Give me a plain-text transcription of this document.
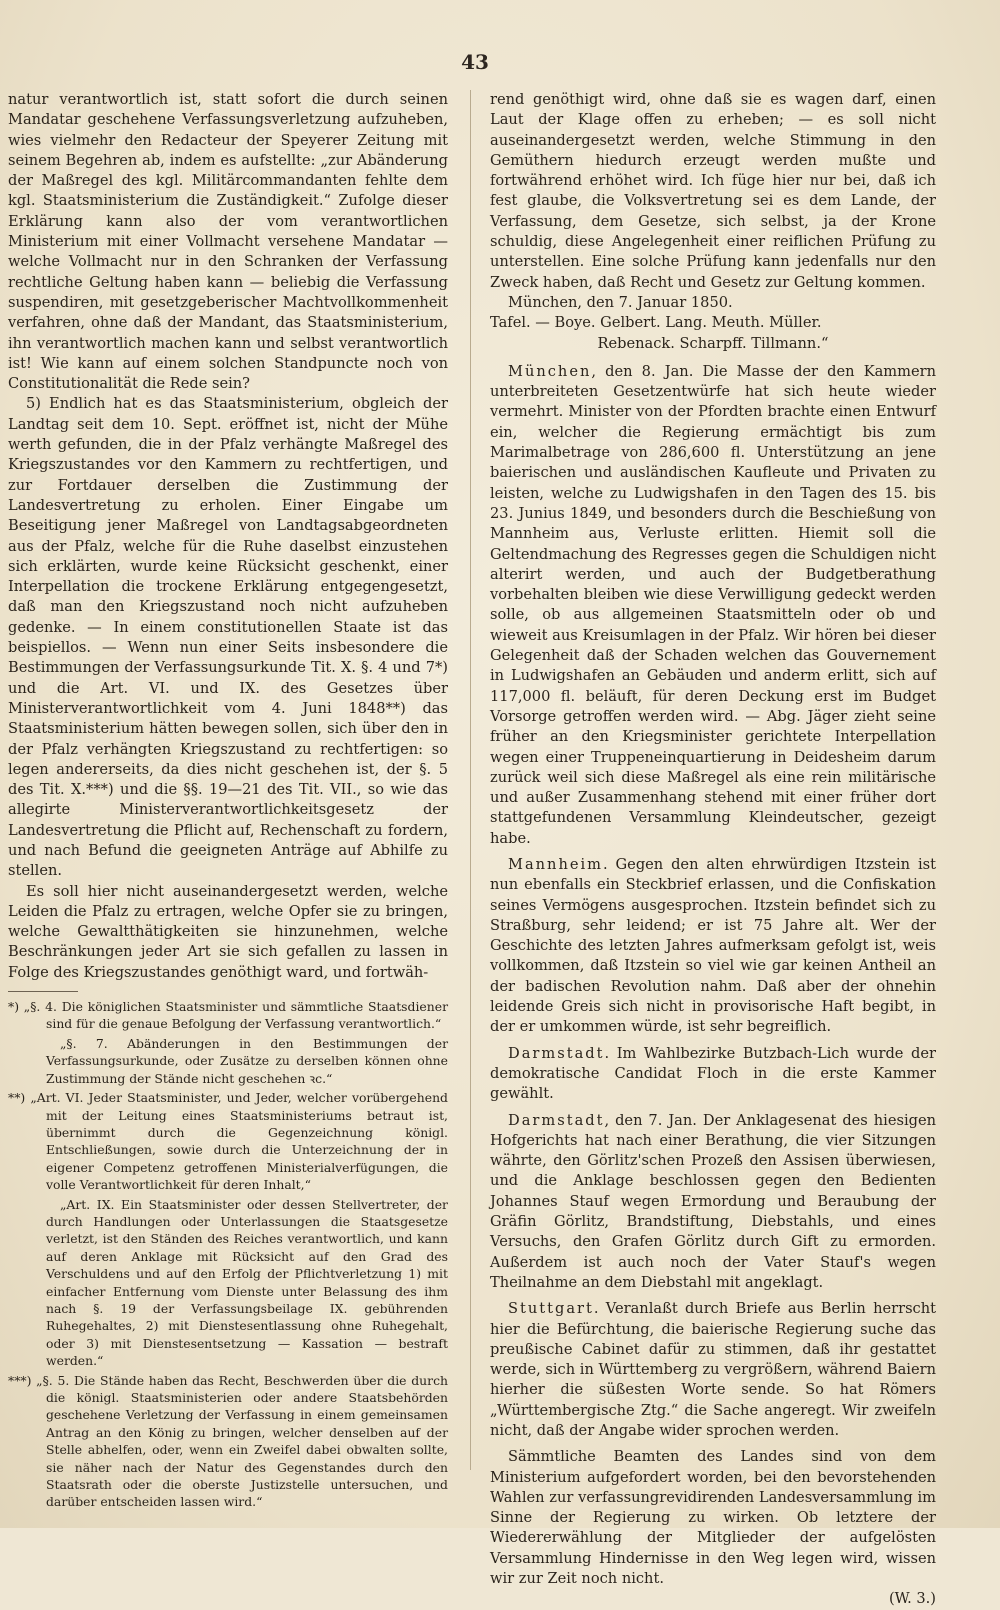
43

natur verantwortlich ist, statt sofort die durch seinen Mandatar geschehene Verfassungsverletzung aufzuheben, wies vielmehr den Redacteur der Speyerer Zeitung mit seinem Begehren ab, indem es aufstellte: „zur Abänderung der Maßregel des kgl. Militärcommandanten fehlte dem kgl. Staatsministerium die Zuständigkeit.“ Zufolge dieser Erklärung kann also der vom verantwortlichen Ministerium mit einer Vollmacht versehene Mandatar — welche Vollmacht nur in den Schranken der Verfassung rechtliche Geltung haben kann — beliebig die Verfassung suspendiren, mit gesetzgeberischer Machtvollkommenheit verfahren, ohne daß der Mandant, das Staatsministerium, ihn verantwortlich machen kann und selbst verantwortlich ist! Wie kann auf einem solchen Standpuncte noch von Constitutionalität die Rede sein?

5) Endlich hat es das Staatsministerium, obgleich der Landtag seit dem 10. Sept. eröffnet ist, nicht der Mühe werth gefunden, die in der Pfalz verhängte Maßregel des Kriegszustandes vor den Kammern zu rechtfertigen, und zur Fortdauer derselben die Zustimmung der Landesvertretung zu erholen. Einer Eingabe um Beseitigung jener Maßregel von Landtagsabgeordneten aus der Pfalz, welche für die Ruhe daselbst einzustehen sich erklärten, wurde keine Rücksicht geschenkt, einer Interpellation die trockene Erklärung entgegengesetzt, daß man den Kriegszustand noch nicht aufzuheben gedenke. — In einem constitutionellen Staate ist das beispiellos. — Wenn nun einer Seits insbesondere die Bestimmungen der Verfassungsurkunde Tit. X. §. 4 und 7*) und die Art. VI. und IX. des Gesetzes über Ministerverantwortlichkeit vom 4. Juni 1848**) das Staatsministerium hätten bewegen sollen, sich über den in der Pfalz verhängten Kriegszustand zu rechtfertigen: so legen andererseits, da dies nicht geschehen ist, der §. 5 des Tit. X.***) und die §§. 19—21 des Tit. VII., so wie das allegirte Ministerverantwortlichkeitsgesetz der Landesvertretung die Pflicht auf, Rechenschaft zu fordern, und nach Befund die geeigneten Anträge auf Abhilfe zu stellen.

Es soll hier nicht auseinandergesetzt werden, welche Leiden die Pfalz zu ertragen, welche Opfer sie zu bringen, welche Gewaltthätigkeiten sie hinzunehmen, welche Beschränkungen jeder Art sie sich gefallen zu lassen in Folge des Kriegszustandes genöthigt ward, und fortwäh-

*) „§. 4. Die königlichen Staatsminister und sämmtliche Staatsdiener sind für die genaue Befolgung der Verfassung verantwortlich.“

„§. 7. Abänderungen in den Bestimmungen der Verfassungsurkunde, oder Zusätze zu derselben können ohne Zustimmung der Stände nicht geschehen ꝛc.“

**) „Art. VI. Jeder Staatsminister, und Jeder, welcher vorübergehend mit der Leitung eines Staatsministeriums betraut ist, übernimmt durch die Gegenzeichnung königl. Entschließungen, sowie durch die Unterzeichnung der in eigener Competenz getroffenen Ministerialverfügungen, die volle Verantwortlichkeit für deren Inhalt,“

„Art. IX. Ein Staatsminister oder dessen Stellvertreter, der durch Handlungen oder Unterlassungen die Staatsgesetze verletzt, ist den Ständen des Reiches verantwortlich, und kann auf deren Anklage mit Rücksicht auf den Grad des Verschuldens und auf den Erfolg der Pflichtverletzung 1) mit einfacher Entfernung vom Dienste unter Belassung des ihm nach §. 19 der Verfassungsbeilage IX. gebührenden Ruhegehaltes, 2) mit Dienstesentlassung ohne Ruhegehalt, oder 3) mit Dienstesentsetzung — Kassation — bestraft werden.“

***) „§. 5. Die Stände haben das Recht, Beschwerden über die durch die königl. Staatsministerien oder andere Staatsbehörden geschehene Verletzung der Verfassung in einem gemeinsamen Antrag an den König zu bringen, welcher denselben auf der Stelle abhelfen, oder, wenn ein Zweifel dabei obwalten sollte, sie näher nach der Natur des Gegenstandes durch den Staatsrath oder die oberste Justizstelle untersuchen, und darüber entscheiden lassen wird.“

rend genöthigt wird, ohne daß sie es wagen darf, einen Laut der Klage offen zu erheben; — es soll nicht auseinandergesetzt werden, welche Stimmung in den Gemüthern hiedurch erzeugt werden mußte und fortwährend erhöhet wird. Ich füge hier nur bei, daß ich fest glaube, die Volksvertretung sei es dem Lande, der Verfassung, dem Gesetze, sich selbst, ja der Krone schuldig, diese Angelegenheit einer reiflichen Prüfung zu unterstellen. Eine solche Prüfung kann jedenfalls nur den Zweck haben, daß Recht und Gesetz zur Geltung kommen.

München, den 7. Januar 1850.

Tafel. — Boye. Gelbert. Lang. Meuth. Müller.

Rebenack. Scharpff. Tillmann.“

München, den 8. Jan. Die Masse der den Kammern unterbreiteten Gesetzentwürfe hat sich heute wieder vermehrt. Minister von der Pfordten brachte einen Entwurf ein, welcher die Regierung ermächtigt bis zum Marimalbetrage von 286,600 fl. Unterstützung an jene baierischen und ausländischen Kaufleute und Privaten zu leisten, welche zu Ludwigshafen in den Tagen des 15. bis 23. Junius 1849, und besonders durch die Beschießung von Mannheim aus, Verluste erlitten. Hiemit soll die Geltendmachung des Regresses gegen die Schuldigen nicht alterirt werden, und auch der Budgetberathung vorbehalten bleiben wie diese Verwilligung gedeckt werden solle, ob aus allgemeinen Staatsmitteln oder ob und wieweit aus Kreisumlagen in der Pfalz. Wir hören bei dieser Gelegenheit daß der Schaden welchen das Gouvernement in Ludwigshafen an Gebäuden und anderm erlitt, sich auf 117,000 fl. beläuft, für deren Deckung erst im Budget Vorsorge getroffen werden wird. — Abg. Jäger zieht seine früher an den Kriegsminister gerichtete Interpellation wegen einer Truppeneinquartierung in Deidesheim darum zurück weil sich diese Maßregel als eine rein militärische und außer Zusammenhang stehend mit einer früher dort stattgefundenen Versammlung Kleindeutscher, gezeigt habe.

Mannheim. Gegen den alten ehrwürdigen Itzstein ist nun ebenfalls ein Steckbrief erlassen, und die Confiskation seines Vermögens ausgesprochen. Itzstein befindet sich zu Straßburg, sehr leidend; er ist 75 Jahre alt. Wer der Geschichte des letzten Jahres aufmerksam gefolgt ist, weis vollkommen, daß Itzstein so viel wie gar keinen Antheil an der badischen Revolution nahm. Daß aber der ohnehin leidende Greis sich nicht in provisorische Haft begibt, in der er umkommen würde, ist sehr begreiflich.

Darmstadt. Im Wahlbezirke Butzbach-Lich wurde der demokratische Candidat Floch in die erste Kammer gewählt.

Darmstadt, den 7. Jan. Der Anklagesenat des hiesigen Hofgerichts hat nach einer Berathung, die vier Sitzungen währte, den Görlitz'schen Prozeß den Assisen überwiesen, und die Anklage beschlossen gegen den Bedienten Johannes Stauf wegen Ermordung und Beraubung der Gräfin Görlitz, Brandstiftung, Diebstahls, und eines Versuchs, den Grafen Görlitz durch Gift zu ermorden. Außerdem ist auch noch der Vater Stauf's wegen Theilnahme an dem Diebstahl mit angeklagt.

Stuttgart. Veranlaßt durch Briefe aus Berlin herrscht hier die Befürchtung, die baierische Regierung suche das preußische Cabinet dafür zu stimmen, daß ihr gestattet werde, sich in Württemberg zu vergrößern, während Baiern hierher die süßesten Worte sende. So hat Römers „Württembergische Ztg.“ die Sache angeregt. Wir zweifeln nicht, daß der Angabe wider sprochen werden.

Sämmtliche Beamten des Landes sind von dem Ministerium aufgefordert worden, bei den bevorstehenden Wahlen zur verfassungrevidirenden Landesversammlung im Sinne der Regierung zu wirken. Ob letztere der Wiedererwählung der Mitglieder der aufgelösten Versammlung Hindernisse in den Weg legen wird, wissen wir zur Zeit noch nicht.

(W. 3.)
